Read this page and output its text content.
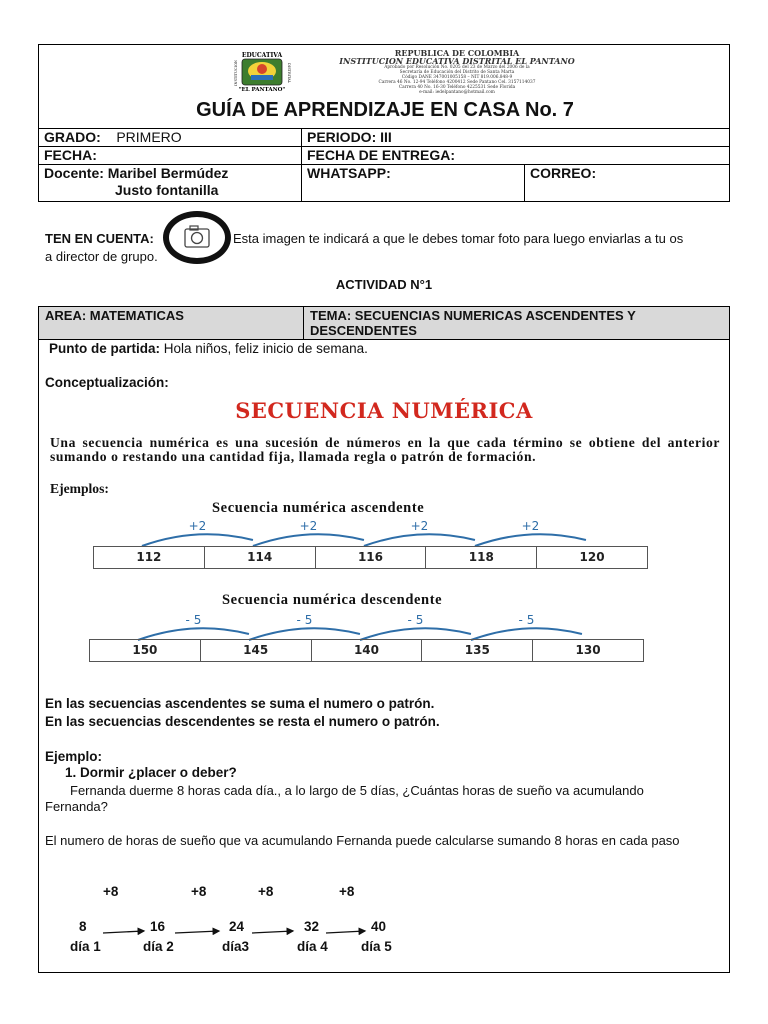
EDUCATIVA
"EL PANTANO"
INSTITUCION	DISTRITAL
REPUBLICA DE COLOMBIA
INSTITUCION EDUCATIVA DISTRITAL EL PANTANO
Aprobado por Resolución No. 0205 del 23 de Marzo del 2006 de la
Secretaría de Educación del Distrito de Santa Marta
Código DANE 347001005158 – NIT 819.006.848-9
Carrera 46 No. 12-94 Teléfono 4200412 Sede Pantano Cel. 3157114037
Carrera 40 No. 16-30 Teléfono 4225531 Sede Florida
e-mail: iedelpantano@hotmail.com
GUÍA DE APRENDIZAJE EN CASA No. 7
GRADO: PRIMERO	PERIODO: III	
FECHA:	FECHA DE ENTREGA:	

Docente: Maribel Bermúdez
Justo fontanilla	WHATSAPP:	CORREO:
TEN EN CUENTA:	Esta imagen te indicará a que le debes tomar foto para luego enviarlas a tu os
a director de grupo.
ACTIVIDAD N°1
AREA: MATEMATICAS	TEMA: SECUENCIAS NUMERICAS ASCENDENTES Y
DESCENDENTES
Punto de partida: Hola niños, feliz inicio de semana.
Conceptualización:
SECUENCIA NUMÉRICA
Una secuencia numérica es una sucesión de números en la que cada término se obtiene del anterior sumando o restando una cantidad fija, llamada regla o patrón de formación.
Ejemplos:
Secuencia numérica ascendente
+2	+2	+2	+2
112	114	116	118	120
Secuencia numérica descendente
- 5	- 5	- 5	- 5
150	145	140	135	130
En las secuencias ascendentes se suma el numero o patrón.
En las secuencias descendentes se resta el numero o patrón.
Ejemplo:
1. Dormir ¿placer o deber?
Fernanda duerme 8 horas cada día., a lo largo de 5 días, ¿Cuántas horas de sueño va acumulando
Fernanda?
El numero de horas de sueño que va acumulando Fernanda puede calcularse sumando 8 horas en cada paso
+8	+8	+8	+8
8	16	24	32	40
día 1	día 2	día3	día 4 día 5
